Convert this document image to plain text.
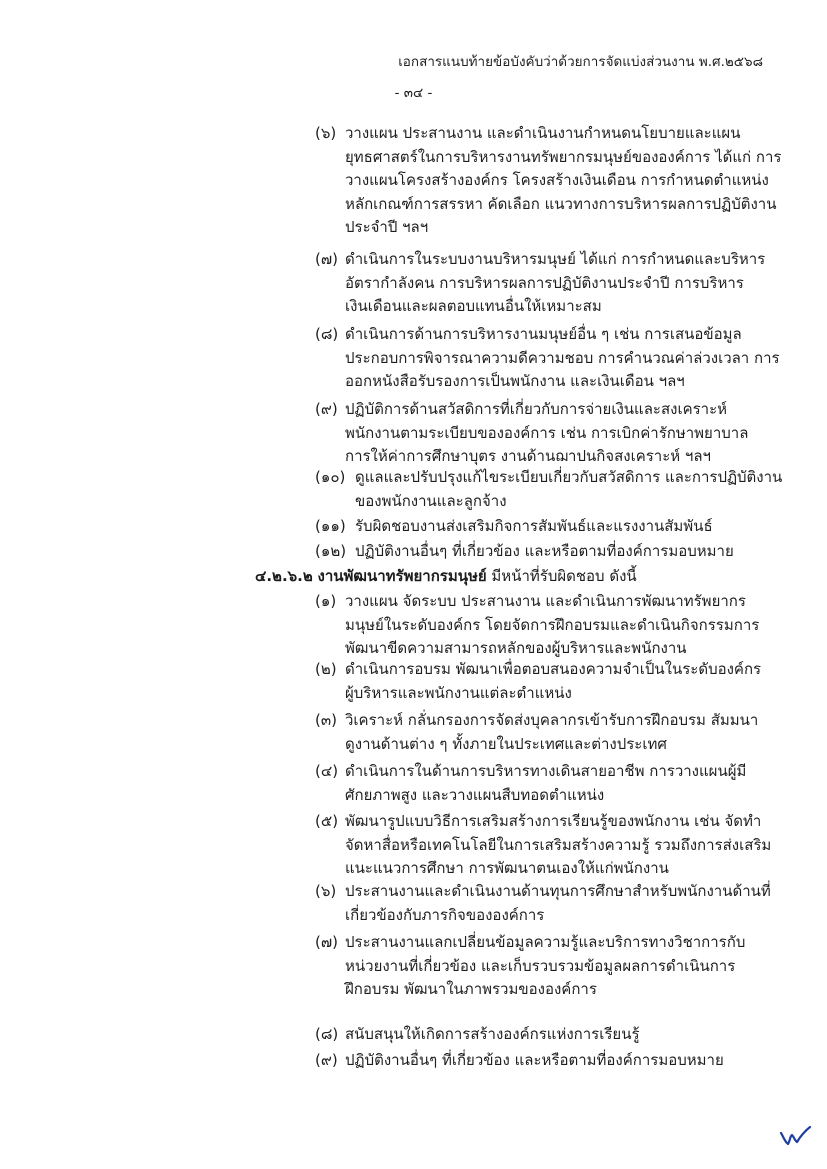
เอกสารแนบท้ายข้อบังคับว่าด้วยการจัดแบ่งส่วนงาน พ.ศ.๒๕๖๘
- ๓๔ -
(๖) วางแผน ประสานงาน และดำเนินงานกำหนดนโยบายและแผน
ยุทธศาสตร์ในการบริหารงานทรัพยากรมนุษย์ขององค์การ ได้แก่ การ
วางแผนโครงสร้างองค์กร โครงสร้างเงินเดือน การกำหนดตำแหน่ง
หลักเกณฑ์การสรรหา คัดเลือก แนวทางการบริหารผลการปฏิบัติงาน
ประจำปี ฯลฯ
(๗) ดำเนินการในระบบงานบริหารมนุษย์ ได้แก่ การกำหนดและบริหาร
อัตรากำลังคน การบริหารผลการปฏิบัติงานประจำปี การบริหาร
เงินเดือนและผลตอบแทนอื่นให้เหมาะสม
(๘) ดำเนินการด้านการบริหารงานมนุษย์อื่น ๆ เช่น การเสนอข้อมูล
ประกอบการพิจารณาความดีความชอบ การคำนวณค่าล่วงเวลา การ
ออกหนังสือรับรองการเป็นพนักงาน และเงินเดือน ฯลฯ
(๙) ปฏิบัติการด้านสวัสดิการที่เกี่ยวกับการจ่ายเงินและสงเคราะห์
พนักงานตามระเบียบขององค์การ เช่น การเบิกค่ารักษาพยาบาล
การให้ค่าการศึกษาบุตร งานด้านฌาปนกิจสงเคราะห์ ฯลฯ
(๑๐) ดูแลและปรับปรุงแก้ไขระเบียบเกี่ยวกับสวัสดิการ และการปฏิบัติงาน
ของพนักงานและลูกจ้าง
(๑๑) รับผิดชอบงานส่งเสริมกิจการสัมพันธ์และแรงงานสัมพันธ์
(๑๒) ปฏิบัติงานอื่นๆ ที่เกี่ยวข้อง และหรือตามที่องค์การมอบหมาย
๔.๒.๖.๒ งานพัฒนาทรัพยากรมนุษย์ มีหน้าที่รับผิดชอบ ดังนี้
(๑) วางแผน จัดระบบ ประสานงาน และดำเนินการพัฒนาทรัพยากร
มนุษย์ในระดับองค์กร โดยจัดการฝึกอบรมและดำเนินกิจกรรมการ
พัฒนาขีดความสามารถหลักของผู้บริหารและพนักงาน
(๒) ดำเนินการอบรม พัฒนาเพื่อตอบสนองความจำเป็นในระดับองค์กร
ผู้บริหารและพนักงานแต่ละตำแหน่ง
(๓) วิเคราะห์ กลั่นกรองการจัดส่งบุคลากรเข้ารับการฝึกอบรม สัมมนา
ดูงานด้านต่าง ๆ ทั้งภายในประเทศและต่างประเทศ
(๔) ดำเนินการในด้านการบริหารทางเดินสายอาชีพ การวางแผนผู้มี
ศักยภาพสูง และวางแผนสืบทอดตำแหน่ง
(๕) พัฒนารูปแบบวิธีการเสริมสร้างการเรียนรู้ของพนักงาน เช่น จัดทำ
จัดหาสื่อหรือเทคโนโลยีในการเสริมสร้างความรู้ รวมถึงการส่งเสริม
แนะแนวการศึกษา การพัฒนาตนเองให้แก่พนักงาน
(๖) ประสานงานและดำเนินงานด้านทุนการศึกษาสำหรับพนักงานด้านที่
เกี่ยวข้องกับภารกิจขององค์การ
(๗) ประสานงานแลกเปลี่ยนข้อมูลความรู้และบริการทางวิชาการกับ
หน่วยงานที่เกี่ยวข้อง และเก็บรวบรวมข้อมูลผลการดำเนินการ
ฝึกอบรม พัฒนาในภาพรวมขององค์การ
(๘) สนับสนุนให้เกิดการสร้างองค์กรแห่งการเรียนรู้
(๙) ปฏิบัติงานอื่นๆ ที่เกี่ยวข้อง และหรือตามที่องค์การมอบหมาย
